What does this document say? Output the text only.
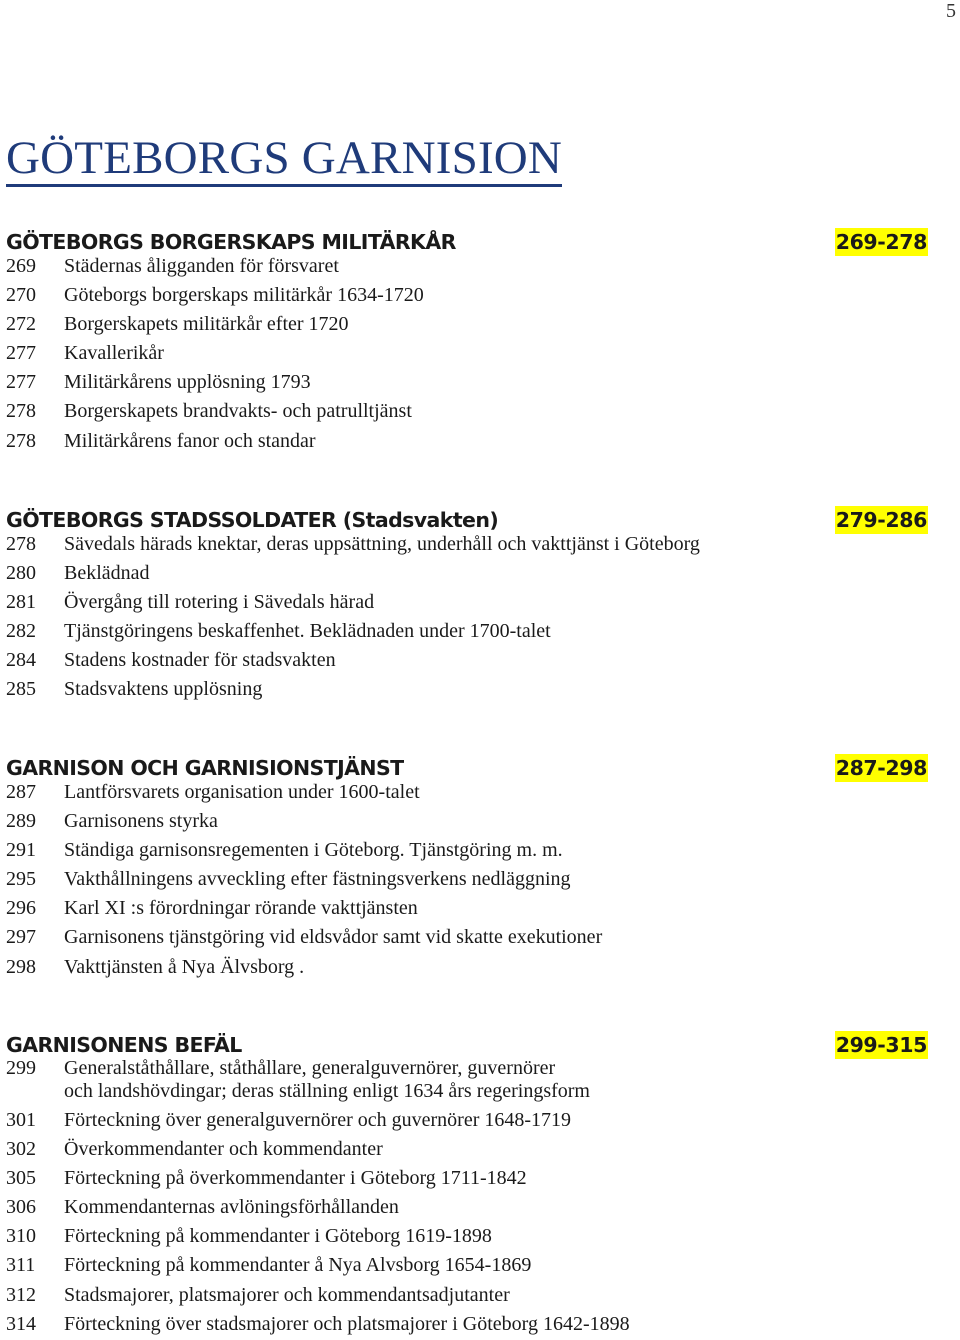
5
GÖTEBORGS GARNISION
GÖTEBORGS BORGERSKAPS MILITÄRKÅR	269-278
269	Städernas åligganden för försvaret
270	Göteborgs borgerskaps militärkår 1634-1720
272	Borgerskapets militärkår efter 1720
277	Kavallerikår
277	Militärkårens upplösning 1793
278	Borgerskapets brandvakts- och patrulltjänst
278	Militärkårens fanor och standar
GÖTEBORGS STADSSOLDATER (Stadsvakten)	279-286
278	Sävedals härads knektar, deras uppsättning, underhåll och vakttjänst i Göteborg
280	Beklädnad
281	Övergång till rotering i Sävedals härad
282	Tjänstgöringens beskaffenhet. Beklädnaden under 1700-talet
284	Stadens kostnader för stadsvakten
285	Stadsvaktens upplösning
GARNISON OCH GARNISIONSTJÄNST	287-298
287	Lantförsvarets organisation under 1600-talet
289	Garnisonens styrka
291	Ständiga garnisonsregementen i Göteborg. Tjänstgöring m. m.
295	Vakthållningens avveckling efter fästningsverkens nedläggning
296	Karl XI :s förordningar rörande vakttjänsten
297	Garnisonens tjänstgöring vid eldsvådor samt vid skatte exekutioner
298	Vakttjänsten å Nya Älvsborg .
GARNISONENS BEFÄL	299-315
299	Generalståthållare, ståthållare, generalguvernörer, guvernörer
och landshövdingar; deras ställning enligt 1634 års regeringsform
301	Förteckning över generalguvernörer och guvernörer 1648-1719
302	Överkommendanter och kommendanter
305	Förteckning på överkommendanter i Göteborg 1711-1842
306	Kommendanternas avlöningsförhållanden
310	Förteckning på kommendanter i Göteborg 1619-1898
311	Förteckning på kommendanter å Nya Alvsborg 1654-1869
312	Stadsmajorer, platsmajorer och kommendantsadjutanter
314	Förteckning över stadsmajorer och platsmajorer i Göteborg 1642-1898
